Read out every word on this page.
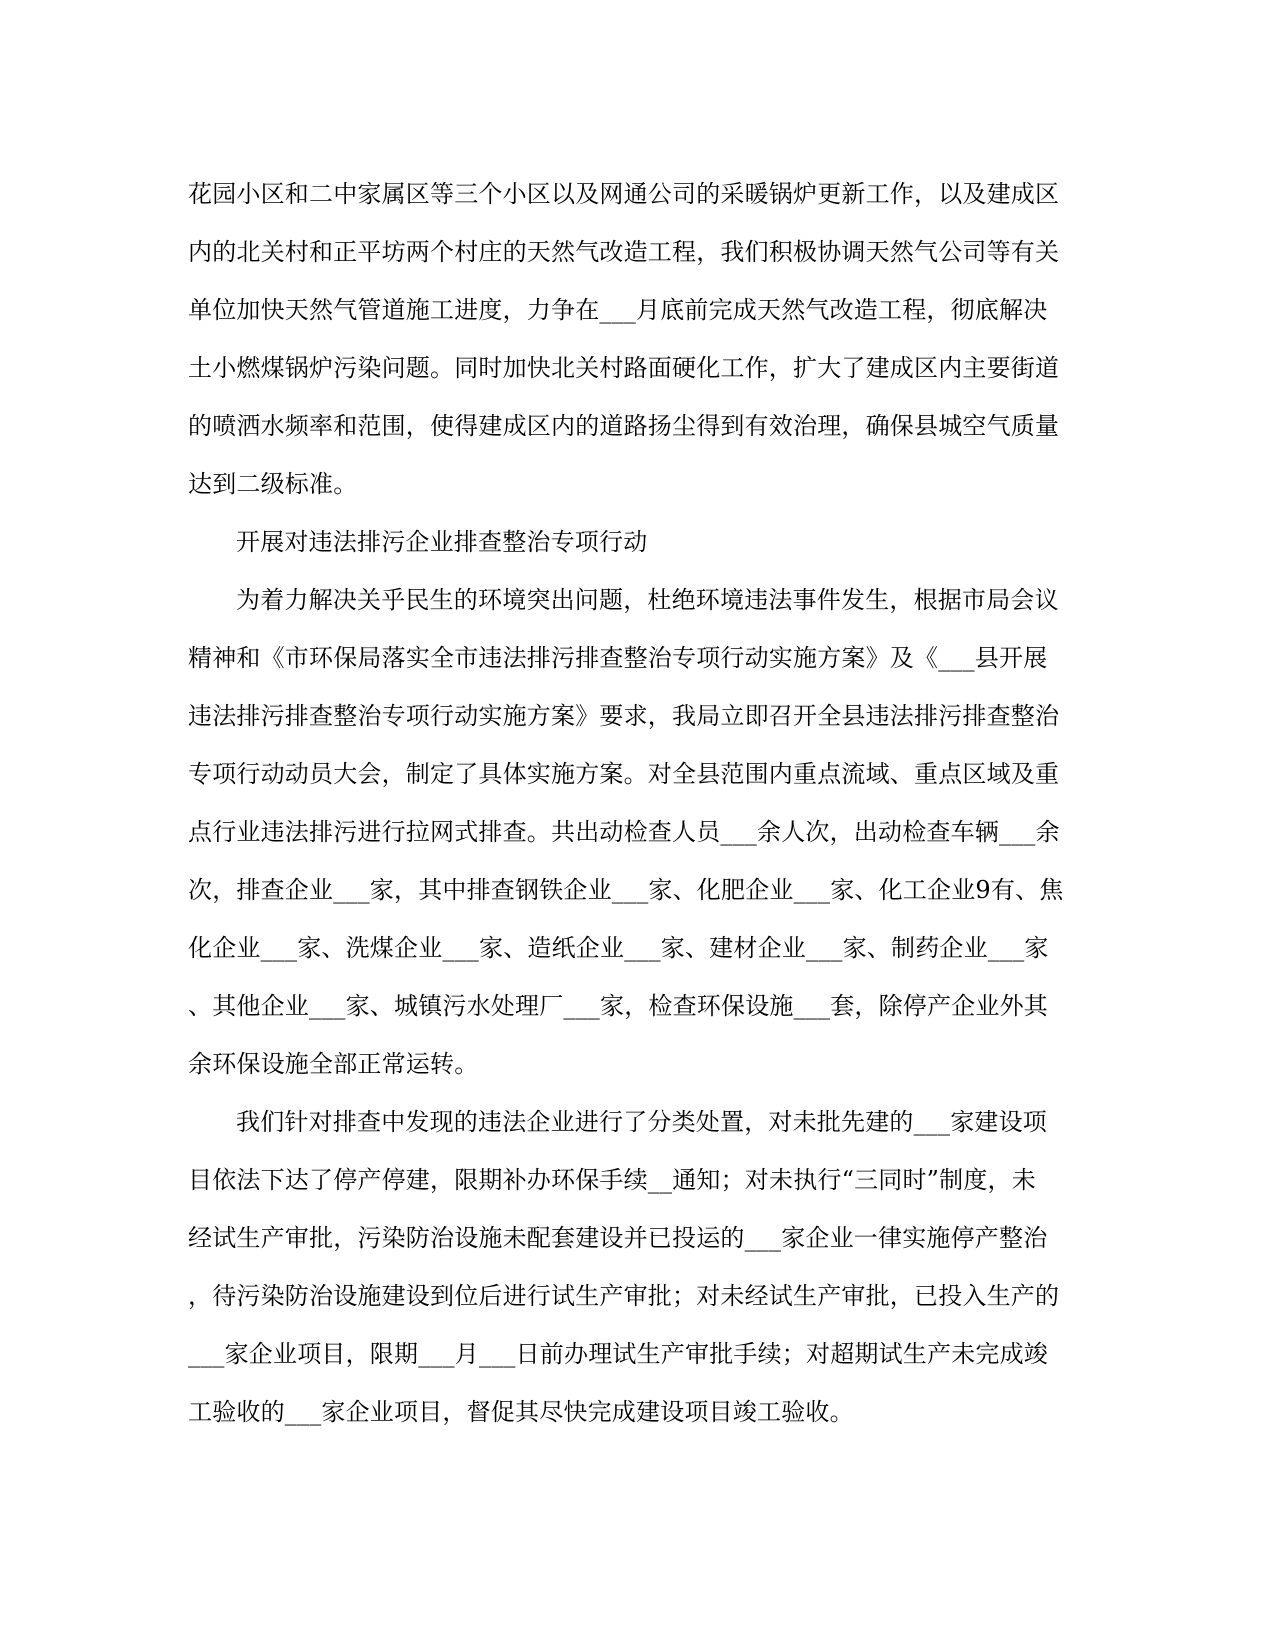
花园小区和二中家属区等三个小区以及网通公司的采暖锅炉更新工作，以及建成区
内的北关村和正平坊两个村庄的天然气改造工程，我们积极协调天然气公司等有关
单位加快天然气管道施工进度，力争在___月底前完成天然气改造工程，彻底解决
土小燃煤锅炉污染问题。同时加快北关村路面硬化工作，扩大了建成区内主要街道
的喷洒水频率和范围，使得建成区内的道路扬尘得到有效治理，确保县城空气质量
达到二级标准。
开展对违法排污企业排查整治专项行动
为着力解决关乎民生的环境突出问题，杜绝环境违法事件发生，根据市局会议
精神和《市环保局落实全市违法排污排查整治专项行动实施方案》及《___县开展
违法排污排查整治专项行动实施方案》要求，我局立即召开全县违法排污排查整治
专项行动动员大会，制定了具体实施方案。对全县范围内重点流域、重点区域及重
点行业违法排污进行拉网式排查。共出动检查人员___余人次，出动检查车辆___余
次，排查企业___家，其中排查钢铁企业___家、化肥企业___家、化工企业9有、焦
化企业___家、洗煤企业___家、造纸企业___家、建材企业___家、制药企业___家
、其他企业___家、城镇污水处理厂___家，检查环保设施___套，除停产企业外其
余环保设施全部正常运转。
我们针对排查中发现的违法企业进行了分类处置，对未批先建的___家建设项
目依法下达了停产停建，限期补办环保手续__通知；对未执行“三同时”制度，未
经试生产审批，污染防治设施未配套建设并已投运的___家企业一律实施停产整治
，待污染防治设施建设到位后进行试生产审批；对未经试生产审批，已投入生产的
___家企业项目，限期___月___日前办理试生产审批手续；对超期试生产未完成竣
工验收的___家企业项目，督促其尽快完成建设项目竣工验收。
